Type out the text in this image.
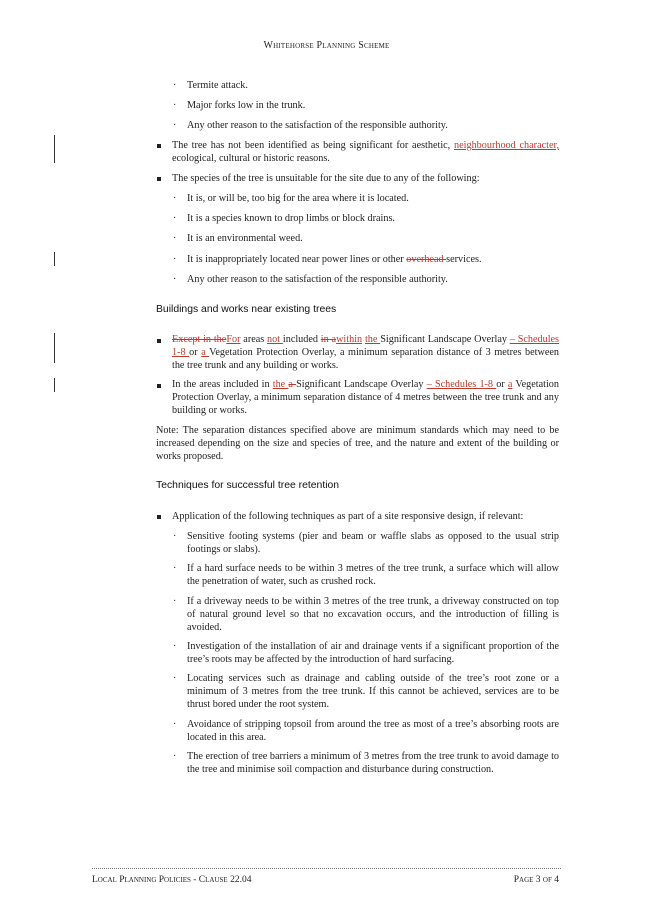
Whitehorse Planning Scheme
· Termite attack.
· Major forks low in the trunk.
· Any other reason to the satisfaction of the responsible authority.
The tree has not been identified as being significant for aesthetic, neighbourhood character, ecological, cultural or historic reasons.
The species of the tree is unsuitable for the site due to any of the following:
· It is, or will be, too big for the area where it is located.
· It is a species known to drop limbs or block drains.
· It is an environmental weed.
· It is inappropriately located near power lines or other overhead services.
· Any other reason to the satisfaction of the responsible authority.
Buildings and works near existing trees
Except in theFor areas not included in awithin the Significant Landscape Overlay – Schedules 1-8 or a Vegetation Protection Overlay, a minimum separation distance of 3 metres between the tree trunk and any building or works.
In the areas included in the a Significant Landscape Overlay – Schedules 1-8 or a Vegetation Protection Overlay, a minimum separation distance of 4 metres between the tree trunk and any building or works.
Note: The separation distances specified above are minimum standards which may need to be increased depending on the size and species of tree, and the nature and extent of the building or works proposed.
Techniques for successful tree retention
Application of the following techniques as part of a site responsive design, if relevant:
· Sensitive footing systems (pier and beam or waffle slabs as opposed to the usual strip footings or slabs).
· If a hard surface needs to be within 3 metres of the tree trunk, a surface which will allow the penetration of water, such as crushed rock.
· If a driveway needs to be within 3 metres of the tree trunk, a driveway constructed on top of natural ground level so that no excavation occurs, and the introduction of filling is avoided.
· Investigation of the installation of air and drainage vents if a significant proportion of the tree’s roots may be affected by the introduction of hard surfacing.
· Locating services such as drainage and cabling outside of the tree’s root zone or a minimum of 3 metres from the tree trunk. If this cannot be achieved, services are to be thrust bored under the root system.
· Avoidance of stripping topsoil from around the tree as most of a tree’s absorbing roots are located in this area.
· The erection of tree barriers a minimum of 3 metres from the tree trunk to avoid damage to the tree and minimise soil compaction and disturbance during construction.
Local Planning Policies - Clause 22.04	Page 3 of 4
